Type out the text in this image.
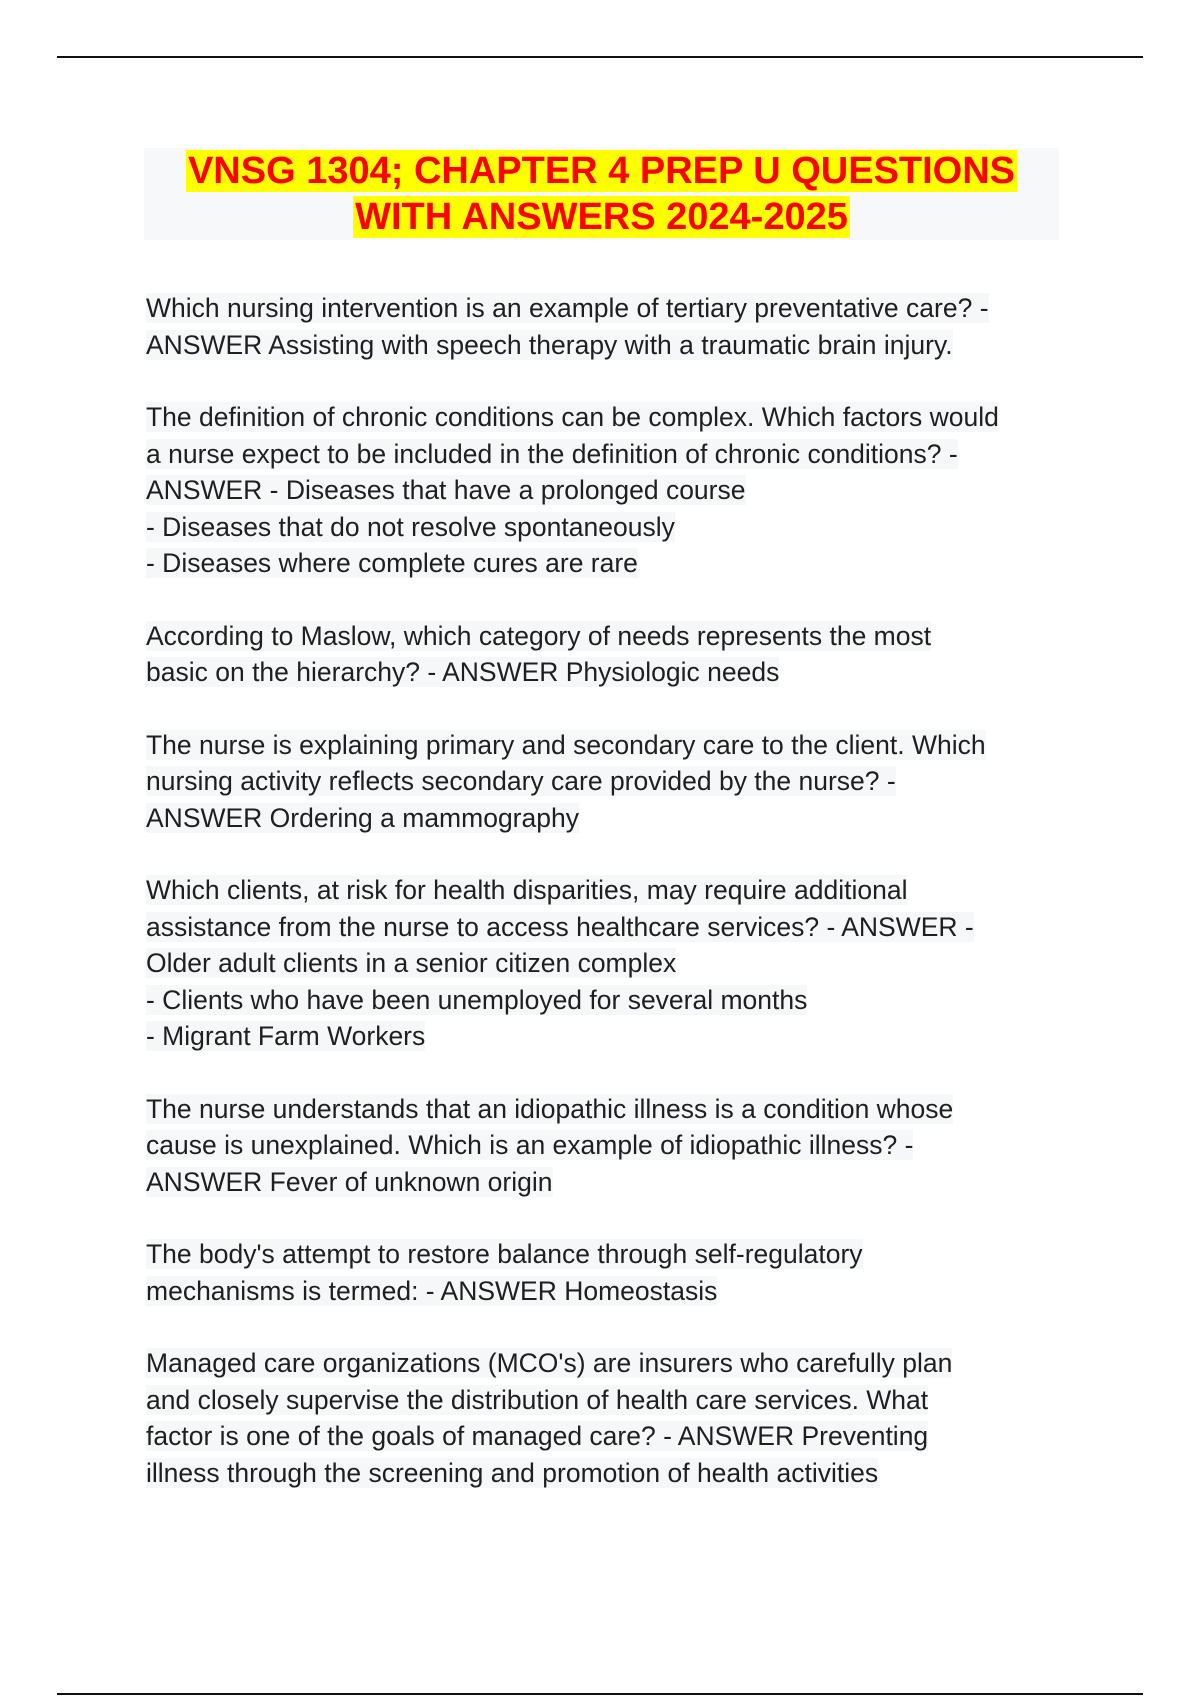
VNSG 1304; CHAPTER 4 PREP U QUESTIONS
WITH ANSWERS 2024-2025

Which nursing intervention is an example of tertiary preventative care? -
ANSWER Assisting with speech therapy with a traumatic brain injury.

The definition of chronic conditions can be complex. Which factors would
a nurse expect to be included in the definition of chronic conditions? -
ANSWER - Diseases that have a prolonged course
- Diseases that do not resolve spontaneously
- Diseases where complete cures are rare

According to Maslow, which category of needs represents the most
basic on the hierarchy? - ANSWER Physiologic needs

The nurse is explaining primary and secondary care to the client. Which
nursing activity reflects secondary care provided by the nurse? -
ANSWER Ordering a mammography

Which clients, at risk for health disparities, may require additional
assistance from the nurse to access healthcare services? - ANSWER -
Older adult clients in a senior citizen complex
- Clients who have been unemployed for several months
- Migrant Farm Workers

The nurse understands that an idiopathic illness is a condition whose
cause is unexplained. Which is an example of idiopathic illness? -
ANSWER Fever of unknown origin

The body's attempt to restore balance through self-regulatory
mechanisms is termed: - ANSWER Homeostasis

Managed care organizations (MCO's) are insurers who carefully plan
and closely supervise the distribution of health care services. What
factor is one of the goals of managed care? - ANSWER Preventing
illness through the screening and promotion of health activities
